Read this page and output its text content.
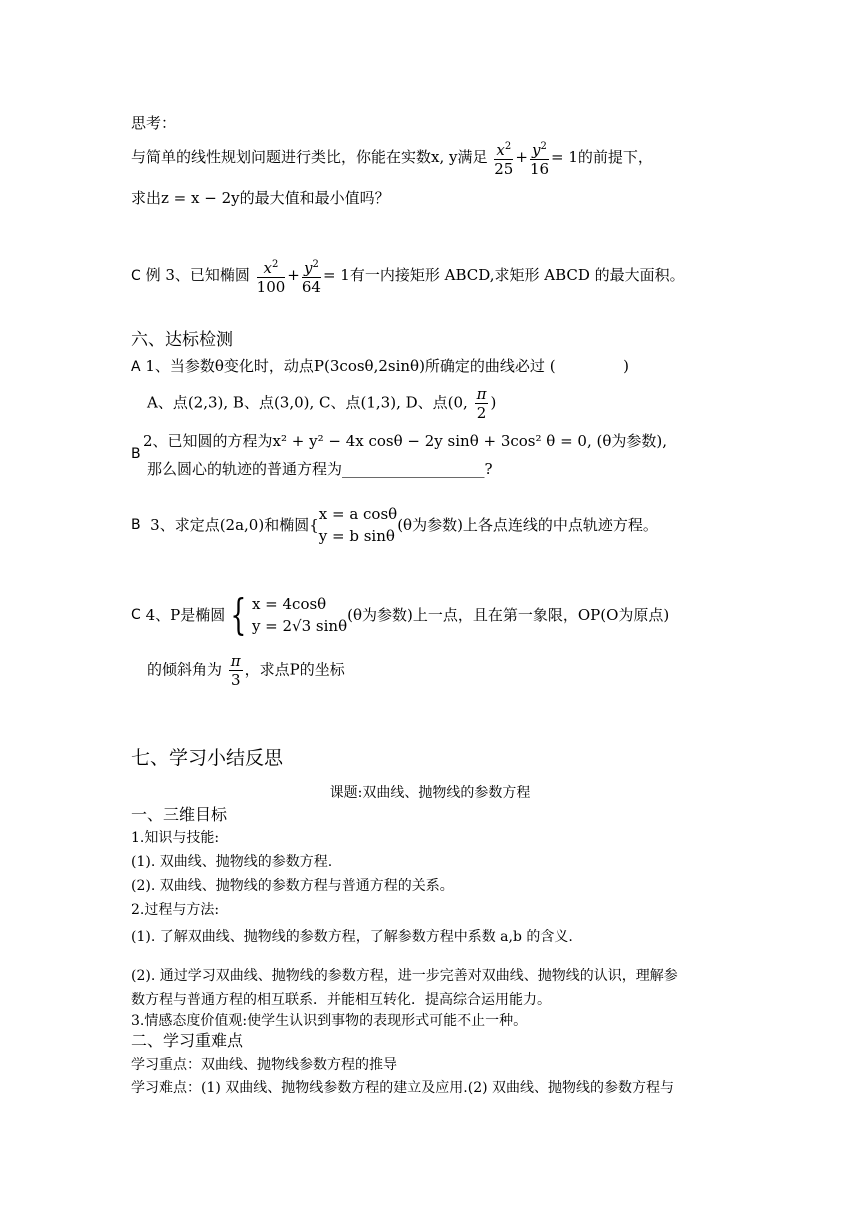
思考：
与简单的线性规划问题进行类比，你能在实数x, y满足 $\frac{x^2}{25} + \frac{y^2}{16} = 1$的前提下，
求出z = x − 2y的最大值和最小值吗？
C 例 3、已知椭圆 $\frac{x^2}{100} + \frac{y^2}{64} = 1$有一内接矩形 ABCD,求矩形 ABCD 的最大面积。
六、达标检测
A 1、当参数θ变化时，动点P(3cosθ,2sinθ)所确定的曲线必过 (	)
A、点(2,3), B、点(3,0), C、点(1,3), D、点(0, $\frac{\pi}{2}$ )
B
2、已知圆的方程为x² + y² − 4x cosθ − 2y sinθ + 3cos² θ = 0, (θ为参数),
那么圆心的轨迹的普通方程为___________________?
B
3、求定点(2a,0)和椭圆{
x = a cosθ
y = b sinθ
(θ为参数)上各点连线的中点轨迹方程。
C
4、P是椭圆 { x = 4cosθ
y = 2√3 sinθ
(θ为参数)上一点，且在第一象限，OP(O为原点)
的倾斜角为 $\frac{\pi}{3}$ ，求点P的坐标
七、学习小结反思
课题:双曲线、抛物线的参数方程
一、三维目标
1.知识与技能:
(1). 双曲线、抛物线的参数方程.
(2). 双曲线、抛物线的参数方程与普通方程的关系。
2.过程与方法:
(1). 了解双曲线、抛物线的参数方程，了解参数方程中系数 a,b 的含义.
(2). 通过学习双曲线、抛物线的参数方程，进一步完善对双曲线、抛物线的认识，理解参
数方程与普通方程的相互联系．并能相互转化．提高综合运用能力。
3.情感态度价值观:使学生认识到事物的表现形式可能不止一种。
二、学习重难点
学习重点：双曲线、抛物线参数方程的推导
学习难点：(1) 双曲线、抛物线参数方程的建立及应用.(2) 双曲线、抛物线的参数方程与
